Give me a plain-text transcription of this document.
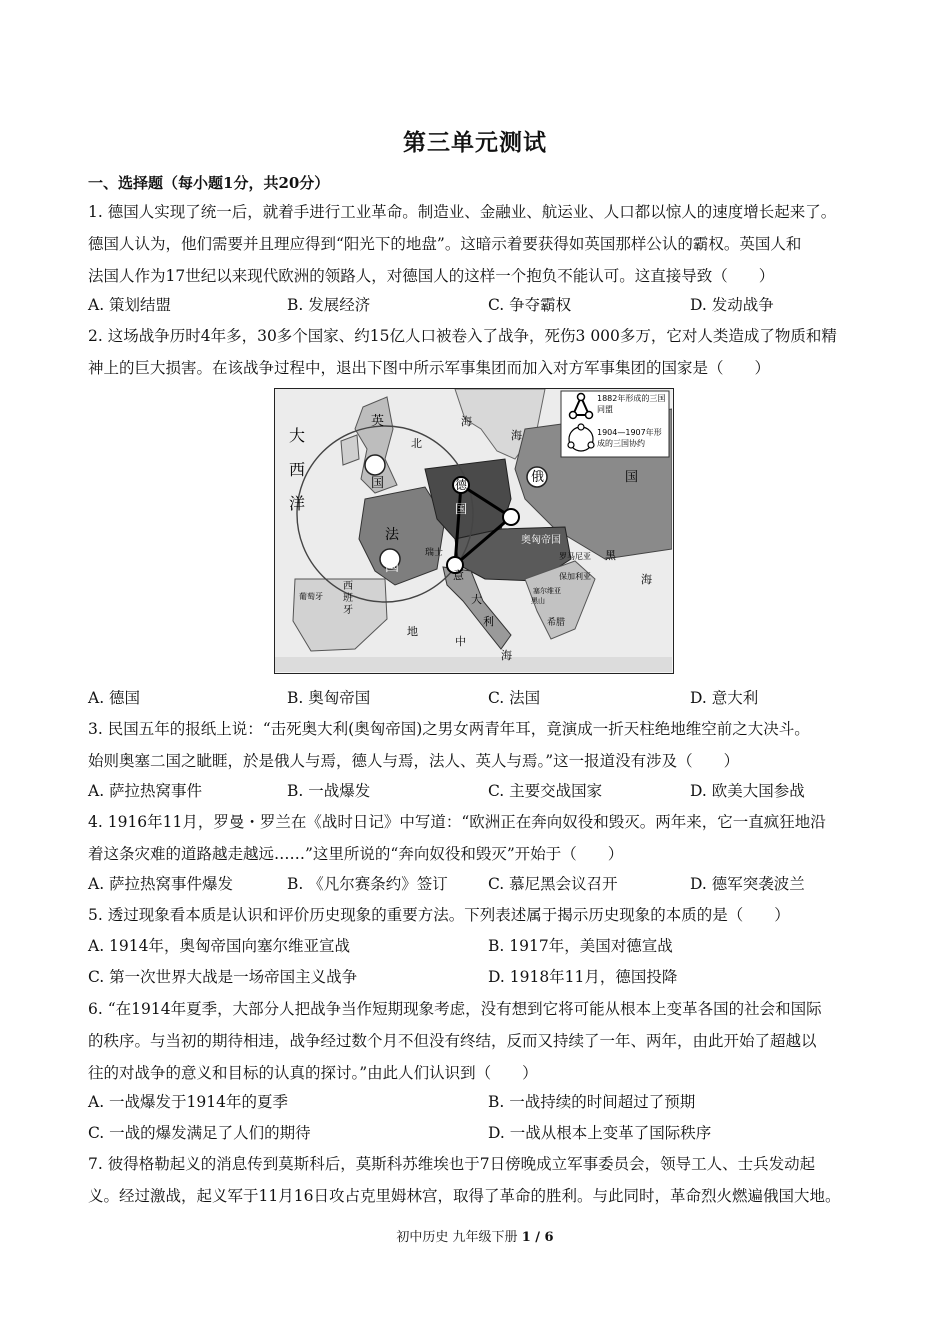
第三单元测试
一、选择题（每小题1分，共20分）
1. 德国人实现了统一后，就着手进行工业革命。制造业、金融业、航运业、人口都以惊人的速度增长起来了。
德国人认为，他们需要并且理应得到“阳光下的地盘”。这暗示着要获得如英国那样公认的霸权。英国人和
法国人作为17世纪以来现代欧洲的领路人，对德国人的这样一个抱负不能认可。这直接导致（　　）
A. 策划结盟	B. 发展经济	C. 争夺霸权	D. 发动战争
2. 这场战争历时4年多，30多个国家、约15亿人口被卷入了战争，死伤3 000多万，它对人类造成了物质和精
神上的巨大损害。在该战争过程中，退出下图中所示军事集团而加入对方军事集团的国家是（　　）
1882年形成的三国同盟
1904—1907年形成的三国协约
大
西
洋
英
国
法
国
德
国
俄	国
奥匈帝国
意
大
利
瑞士
西
班
牙
葡萄牙
罗马尼亚
保加利亚
塞尔维亚
黑山
希腊
北
海
海
黑
海
地
中
海
A. 德国	B. 奥匈帝国	C. 法国	D. 意大利
3. 民国五年的报纸上说：“击死奥大利(奥匈帝国)之男女两青年耳，竟演成一折天柱绝地维空前之大决斗。
始则奥塞二国之眦睚，於是俄人与焉，德人与焉，法人、英人与焉。”这一报道没有涉及（　　）
A. 萨拉热窝事件	B. 一战爆发	C. 主要交战国家	D. 欧美大国参战
4. 1916年11月，罗曼・罗兰在《战时日记》中写道：“欧洲正在奔向奴役和毁灭。两年来，它一直疯狂地沿
着这条灾难的道路越走越远……”这里所说的“奔向奴役和毁灭”开始于（　　）
A. 萨拉热窝事件爆发	B. 《凡尔赛条约》签订	C. 慕尼黑会议召开	D. 德军突袭波兰
5. 透过现象看本质是认识和评价历史现象的重要方法。下列表述属于揭示历史现象的本质的是（　　）
A. 1914年，奥匈帝国向塞尔维亚宣战	B. 1917年，美国对德宣战
C. 第一次世界大战是一场帝国主义战争	D. 1918年11月，德国投降
6. “在1914年夏季，大部分人把战争当作短期现象考虑，没有想到它将可能从根本上变革各国的社会和国际
的秩序。与当初的期待相违，战争经过数个月不但没有终结，反而又持续了一年、两年，由此开始了超越以
往的对战争的意义和目标的认真的探讨。”由此人们认识到（　　）
A. 一战爆发于1914年的夏季	B. 一战持续的时间超过了预期
C. 一战的爆发满足了人们的期待	D. 一战从根本上变革了国际秩序
7. 彼得格勒起义的消息传到莫斯科后，莫斯科苏维埃也于7日傍晚成立军事委员会，领导工人、士兵发动起
义。经过激战，起义军于11月16日攻占克里姆林宫，取得了革命的胜利。与此同时，革命烈火燃遍俄国大地。
初中历史 九年级下册 1 / 6
